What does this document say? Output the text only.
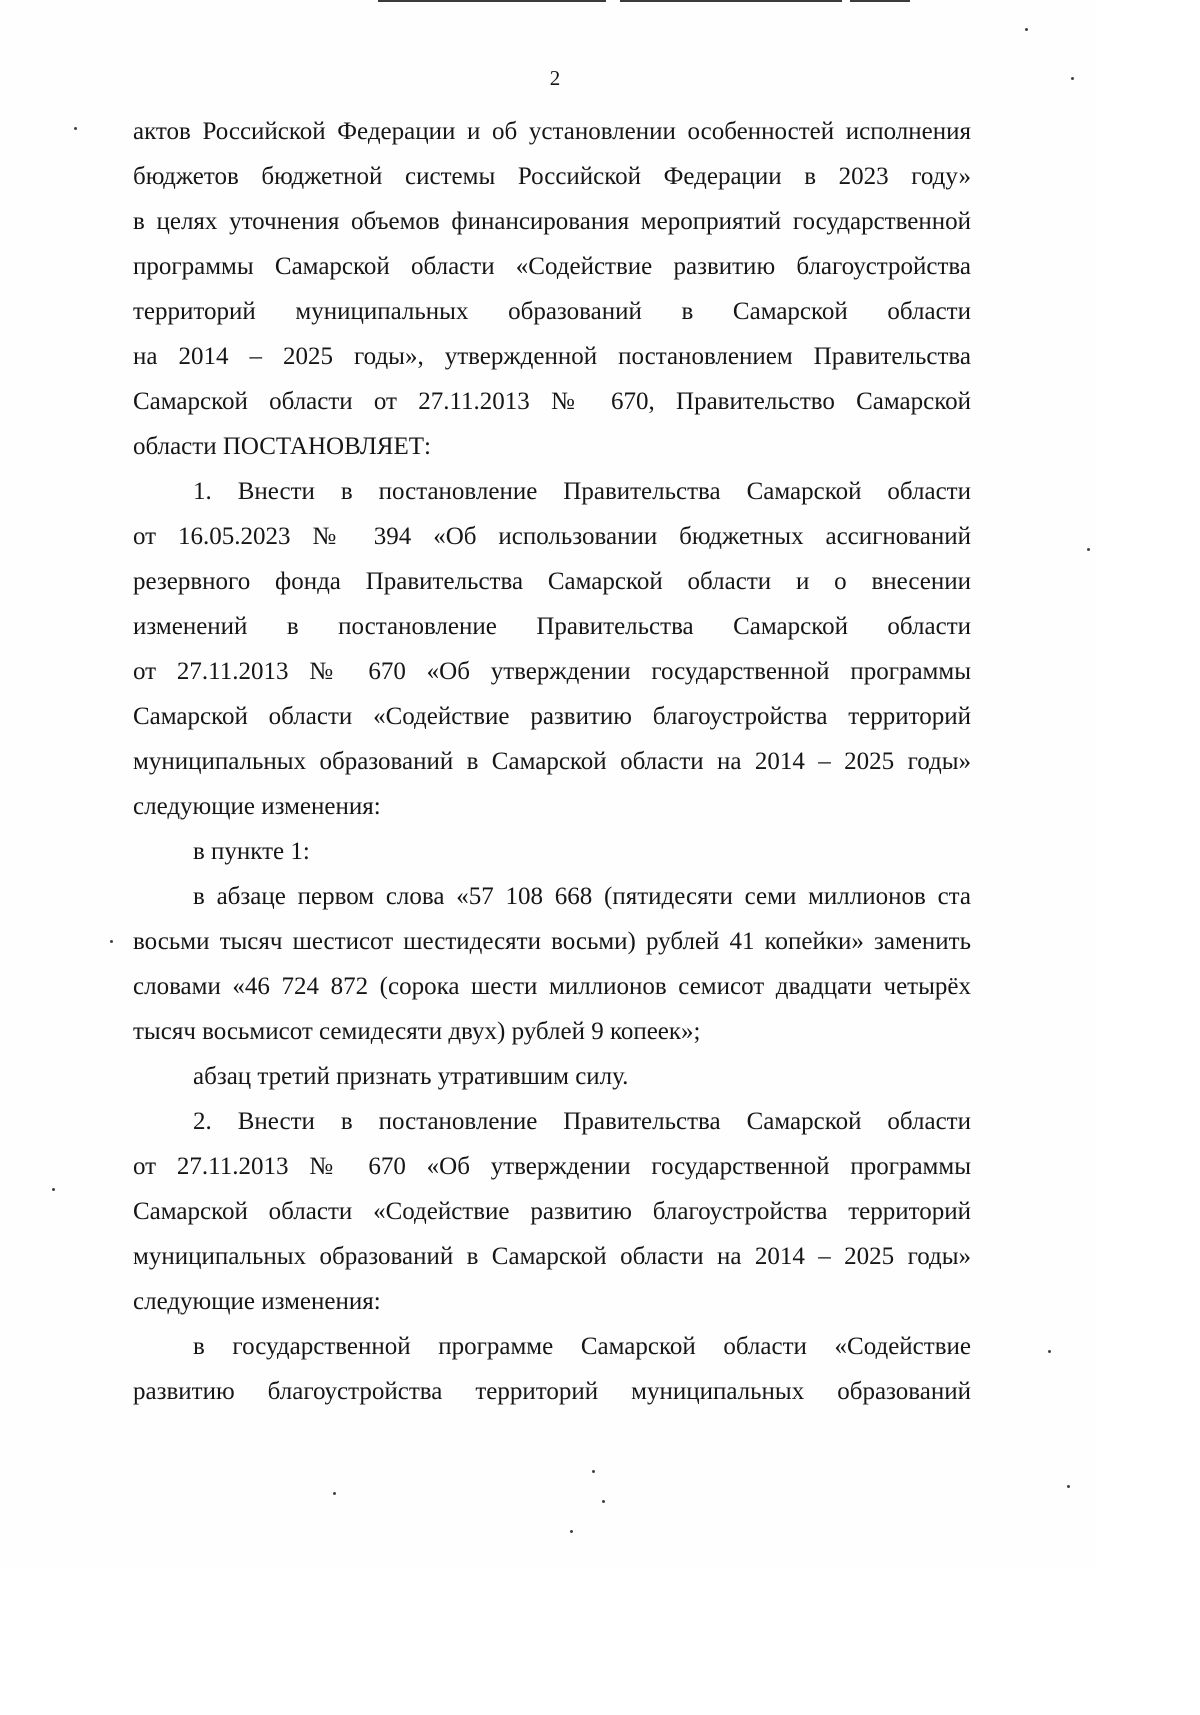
2
актов Российской Федерации и об установлении особенностей исполнения
бюджетов бюджетной системы Российской Федерации в 2023 году»
в целях уточнения объемов финансирования мероприятий государственной
программы Самарской области «Содействие развитию благоустройства
территорий муниципальных образований в Самарской области
на 2014 – 2025 годы», утвержденной постановлением Правительства
Самарской области от 27.11.2013 № 670, Правительство Самарской
области ПОСТАНОВЛЯЕТ:
1. Внести в постановление Правительства Самарской области
от 16.05.2023 № 394 «Об использовании бюджетных ассигнований
резервного фонда Правительства Самарской области и о внесении
изменений в постановление Правительства Самарской области
от 27.11.2013 № 670 «Об утверждении государственной программы
Самарской области «Содействие развитию благоустройства территорий
муниципальных образований в Самарской области на 2014 – 2025 годы»
следующие изменения:
в пункте 1:
в абзаце первом слова «57 108 668 (пятидесяти семи миллионов ста
восьми тысяч шестисот шестидесяти восьми) рублей 41 копейки» заменить
словами «46 724 872 (сорока шести миллионов семисот двадцати четырёх
тысяч восьмисот семидесяти двух) рублей 9 копеек»;
абзац третий признать утратившим силу.
2. Внести в постановление Правительства Самарской области
от 27.11.2013 № 670 «Об утверждении государственной программы
Самарской области «Содействие развитию благоустройства территорий
муниципальных образований в Самарской области на 2014 – 2025 годы»
следующие изменения:
в государственной программе Самарской области «Содействие
развитию благоустройства территорий муниципальных образований
